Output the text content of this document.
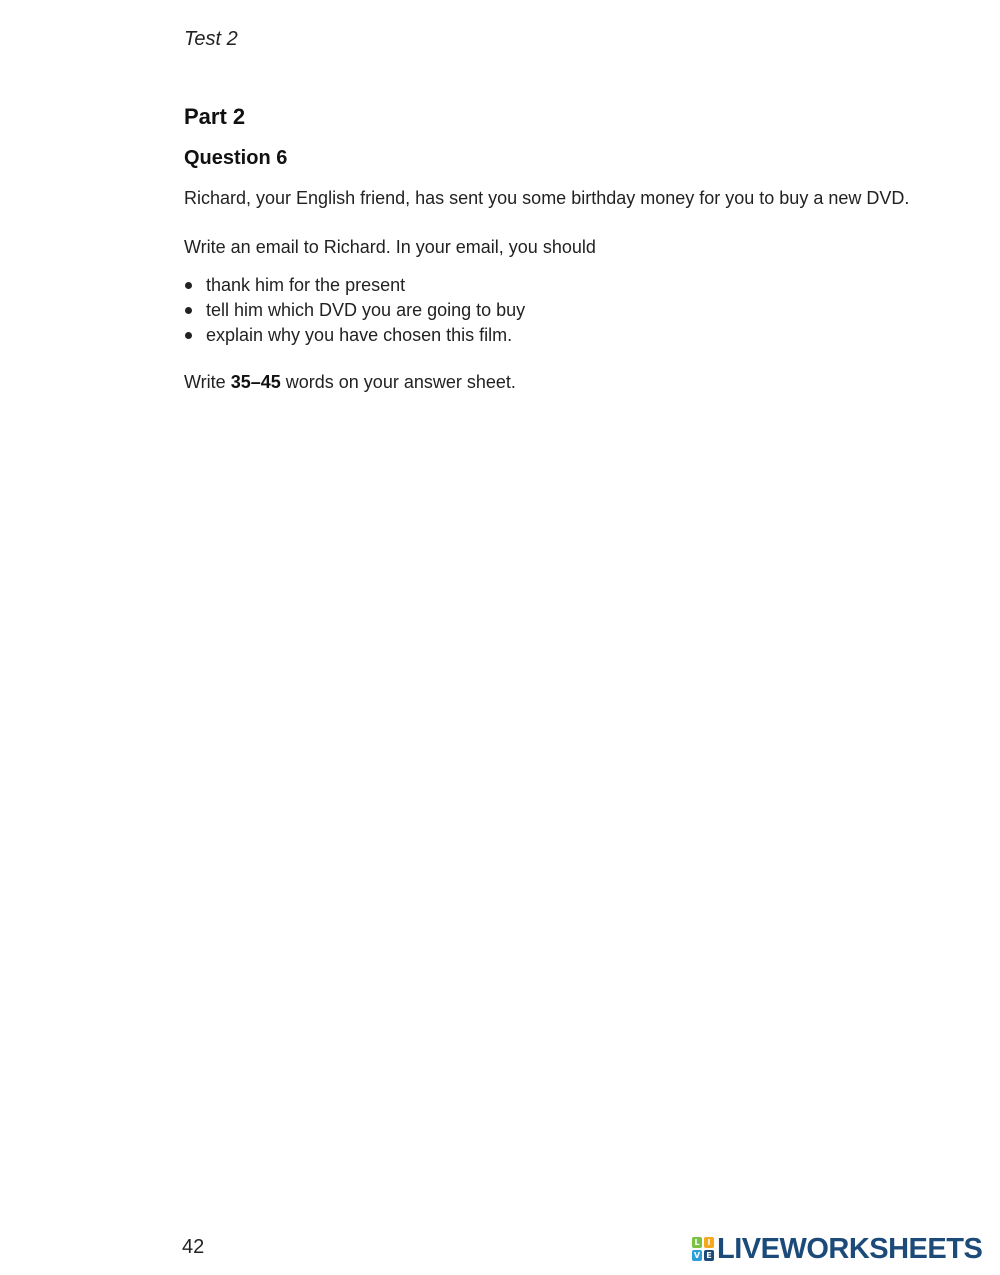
Test 2
Part 2
Question 6

Richard, your English friend, has sent you some birthday money for you to buy a new DVD.

Write an email to Richard. In your email, you should

thank him for the present
tell him which DVD you are going to buy
explain why you have chosen this film.

Write 35–45 words on your answer sheet.

42	L I
V E LIVEWORKSHEETS
